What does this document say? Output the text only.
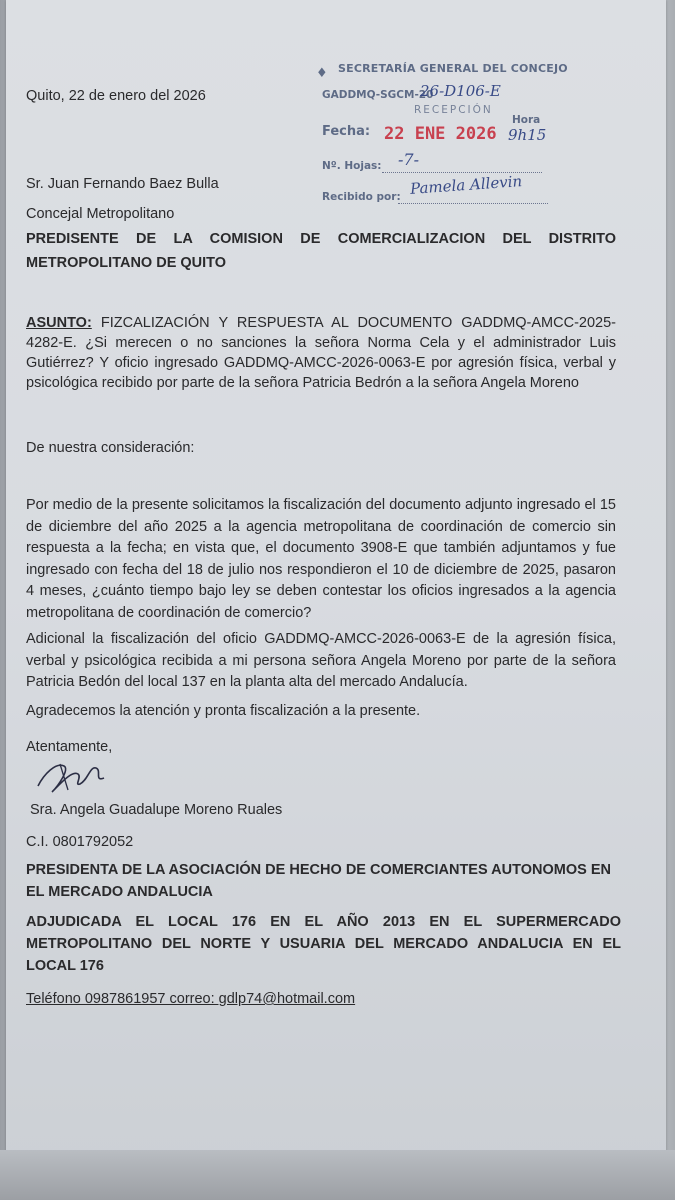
Quito, 22 de enero del 2026
♦ SECRETARÍA GENERAL DEL CONCEJO
GADDMQ-SGCM-20
26-D106-E
RECEPCIÓN
Fecha: 22 ENE 2026
Hora
9h15
Nº. Hojas: -7-
Recibido por: Pamela Allevin
Sr. Juan Fernando Baez Bulla
Concejal Metropolitano
PREDISENTE DE LA COMISION DE COMERCIALIZACION DEL DISTRITO
METROPOLITANO DE QUITO
ASUNTO: FIZCALIZACIÓN Y RESPUESTA AL DOCUMENTO GADDMQ-AMCC-2025-4282-E. ¿Si merecen o no sanciones la señora Norma Cela y el administrador Luis Gutiérrez? Y oficio ingresado GADDMQ-AMCC-2026-0063-E por agresión física, verbal y psicológica recibido por parte de la señora Patricia Bedrón a la señora Angela Moreno
De nuestra consideración:
Por medio de la presente solicitamos la fiscalización del documento adjunto ingresado el 15 de diciembre del año 2025 a la agencia metropolitana de coordinación de comercio sin respuesta a la fecha; en vista que, el documento 3908-E que también adjuntamos y fue ingresado con fecha del 18 de julio nos respondieron el 10 de diciembre de 2025, pasaron 4 meses, ¿cuánto tiempo bajo ley se deben contestar los oficios ingresados a la agencia metropolitana de coordinación de comercio?
Adicional la fiscalización del oficio GADDMQ-AMCC-2026-0063-E de la agresión física, verbal y psicológica recibida a mi persona señora Angela Moreno por parte de la señora Patricia Bedón del local 137 en la planta alta del mercado Andalucía.
Agradecemos la atención y pronta fiscalización a la presente.
Atentamente,
Sra. Angela Guadalupe Moreno Ruales
C.I. 0801792052
PRESIDENTA DE LA ASOCIACIÓN DE HECHO DE COMERCIANTES AUTONOMOS EN EL MERCADO ANDALUCIA
ADJUDICADA EL LOCAL 176 EN EL AÑO 2013 EN EL SUPERMERCADO METROPOLITANO DEL NORTE Y USUARIA DEL MERCADO ANDALUCIA EN EL LOCAL 176
Teléfono 0987861957 correo: gdlp74@hotmail.com
